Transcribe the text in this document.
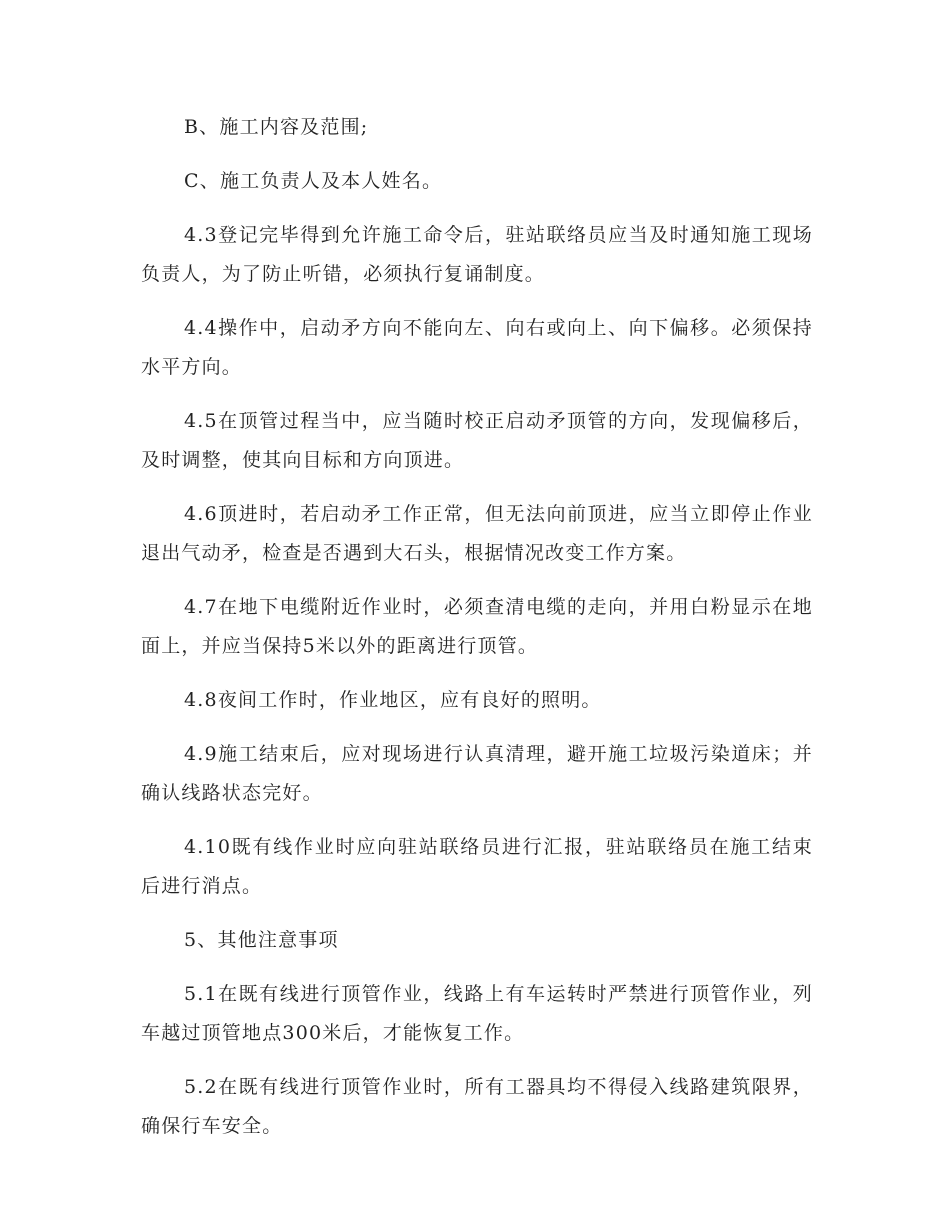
B、施工内容及范围;

C、施工负责人及本人姓名。

4.3登记完毕得到允许施工命令后，驻站联络员应当及时通知施工现场负责人，为了防止听错，必须执行复诵制度。

4.4操作中，启动矛方向不能向左、向右或向上、向下偏移。必须保持水平方向。

4.5在顶管过程当中，应当随时校正启动矛顶管的方向，发现偏移后，及时调整，使其向目标和方向顶进。

4.6顶进时，若启动矛工作正常，但无法向前顶进，应当立即停止作业退出气动矛，检查是否遇到大石头，根据情况改变工作方案。

4.7在地下电缆附近作业时，必须查清电缆的走向，并用白粉显示在地面上，并应当保持5米以外的距离进行顶管。

4.8夜间工作时，作业地区，应有良好的照明。

4.9施工结束后，应对现场进行认真清理，避开施工垃圾污染道床；并确认线路状态完好。

4.10既有线作业时应向驻站联络员进行汇报，驻站联络员在施工结束后进行消点。

5、其他注意事项

5.1在既有线进行顶管作业，线路上有车运转时严禁进行顶管作业，列车越过顶管地点300米后，才能恢复工作。

5.2在既有线进行顶管作业时，所有工器具均不得侵入线路建筑限界，确保行车安全。
